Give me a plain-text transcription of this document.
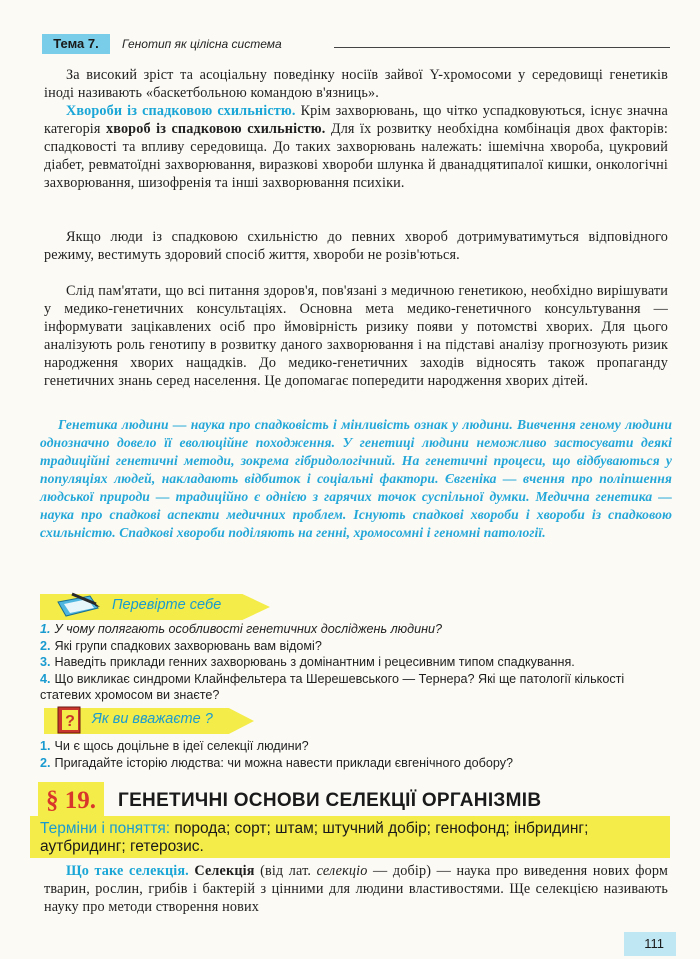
Тема 7.	Генотип як цілісна система

За високий зріст та асоціальну поведінку носіїв зайвої Y-хромосоми у середовищі генетиків іноді називають «баскетбольною командою в'язниць».

Хвороби із спадковою схильністю. Крім захворювань, що чітко успадковуються, існує значна категорія хвороб із спадковою схильністю. Для їх розвитку необхідна комбінація двох факторів: спадковості та впливу середовища. До таких захворювань належать: ішемічна хвороба, цукровий діабет, ревматоїдні захворювання, виразкові хвороби шлунка й дванадцятипалої кишки, онкологічні захворювання, шизофренія та інші захворювання психіки.

Якщо люди із спадковою схильністю до певних хвороб дотримуватимуться відповідного режиму, вестимуть здоровий спосіб життя, хвороби не розів'ються.

Слід пам'ятати, що всі питання здоров'я, пов'язані з медичною генетикою, необхідно вирішувати у медико-генетичних консультаціях. Основна мета медико-генетичного консультування — інформувати зацікавлених осіб про ймовірність ризику появи у потомстві хворих. Для цього аналізують роль генотипу в розвитку даного захворювання і на підставі аналізу прогнозують ризик народження хворих нащадків. До медико-генетичних заходів відносять також пропаганду генетичних знань серед населення. Це допомагає попередити народження хворих дітей.

Генетика людини — наука про спадковість і мінливість ознак у людини. Вивчення геному людини однозначно довело її еволюційне походження. У генетиці людини неможливо застосувати деякі традиційні генетичні методи, зокрема гібридологічний. На генетичні процеси, що відбуваються у популяціях людей, накладають відбиток і соціальні фактори. Євгеніка — вчення про поліпшення людської природи — традиційно є однією з гарячих точок суспільної думки. Медична генетика — наука про спадкові аспекти медичних проблем. Існують спадкові хвороби і хвороби із спадковою схильністю. Спадкові хвороби поділяють на генні, хромосомні і геномні патології.
Перевірте себе
1. У чому полягають особливості генетичних досліджень людини?
2. Які групи спадкових захворювань вам відомі?
3. Наведіть приклади генних захворювань з домінантним і рецесивним типом спадкування.
4. Що викликає синдроми Клайнфельтера та Шерешевського — Тернера? Які ще патології кількості статевих хромосом ви знаєте?
? Як ви вважаєте ?
1. Чи є щось доцільне в ідеї селекції людини?
2. Пригадайте історію людства: чи можна навести приклади євгенічного добору?
§ 19.	ГЕНЕТИЧНІ ОСНОВИ СЕЛЕКЦІЇ ОРГАНІЗМІВ
Терміни і поняття: порода; сорт; штам; штучний добір; генофонд; інбридинг; аутбридинг; гетерозис.

Що таке селекція. Селекція (від лат. селекціо — добір) — наука про виведення нових форм тварин, рослин, грибів і бактерій з цінними для людини властивостями. Ще селекцією називають науку про методи створення нових

111
